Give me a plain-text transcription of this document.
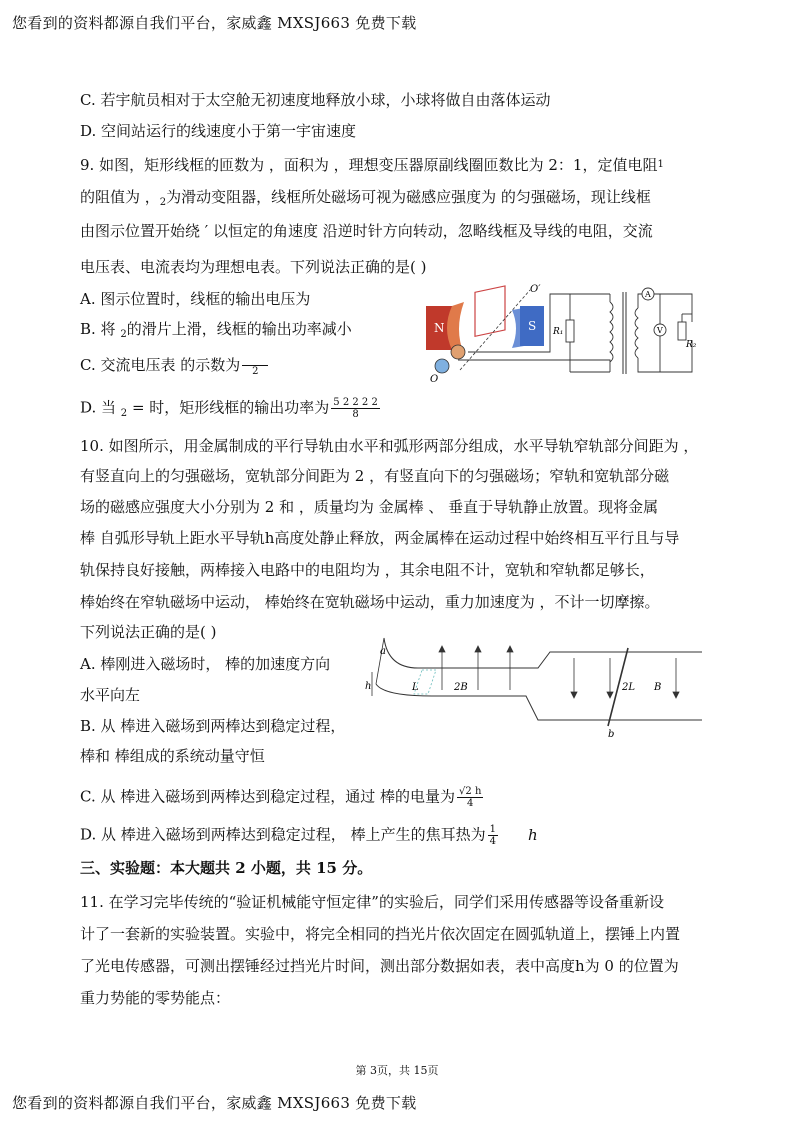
您看到的资料都源自我们平台，家威鑫 MXSJ663 免费下载
C. 若宇航员相对于太空舱无初速度地释放小球，小球将做自由落体运动
D. 空间站运行的线速度小于第一宇宙速度
9. 如图，矩形线框的匝数为 ，面积为 ，理想变压器原副线圈匝数比为 2：1，定值电阻$^1$
的阻值为 ，$_2$为滑动变阻器，线框所处磁场可视为磁感应强度为 的匀强磁场，现让线框
由图示位置开始绕 ′ 以恒定的角速度 沿逆时针方向转动，忽略线框及导线的电阻，交流
电压表、电流表均为理想电表。下列说法正确的是( )
A. 图示位置时，线框的输出电压为
B. 将 $_2$的滑片上滑，线框的输出功率减小
C. 交流电压表 的示数为	2
D. 当 $_2$ = 时，矩形线框的输出功率为 $\frac{5 2 2 2 2}{8}$
N	S
O′
O
R₁
A
V
R₂
10. 如图所示，用金属制成的平行导轨由水平和弧形两部分组成，水平导轨窄轨部分间距为 ，
有竖直向上的匀强磁场，宽轨部分间距为 2 ，有竖直向下的匀强磁场；窄轨和宽轨部分磁
场的磁感应强度大小分别为 2 和 ，质量均为 金属棒 、 垂直于导轨静止放置。现将金属
棒 自弧形导轨上距水平导轨h高度处静止释放，两金属棒在运动过程中始终相互平行且与导
轨保持良好接触，两棒接入电路中的电阻均为 ，其余电阻不计，宽轨和窄轨都足够长，
棒始终在窄轨磁场中运动， 棒始终在宽轨磁场中运动，重力加速度为 ，不计一切摩擦。
下列说法正确的是( )
A. 棒刚进入磁场时， 棒的加速度方向
水平向左
B. 从 棒进入磁场到两棒达到稳定过程，
棒和 棒组成的系统动量守恒
C. 从 棒进入磁场到两棒达到稳定过程，通过 棒的电量为 $\frac{√2 h}{4}$
D. 从 棒进入磁场到两棒达到稳定过程， 棒上产生的焦耳热为 $\frac{1}{4}$ h
a
h	L	2B
b
2L B
三、实验题：本大题共 2 小题，共 15 分。
11. 在学习完毕传统的“验证机械能守恒定律”的实验后，同学们采用传感器等设备重新设
计了一套新的实验装置。实验中，将完全相同的挡光片依次固定在圆弧轨道上，摆锤上内置
了光电传感器，可测出摆锤经过挡光片时间，测出部分数据如表，表中高度h为 0 的位置为
重力势能的零势能点：
第 3页，共 15页
您看到的资料都源自我们平台，家威鑫 MXSJ663 免费下载
